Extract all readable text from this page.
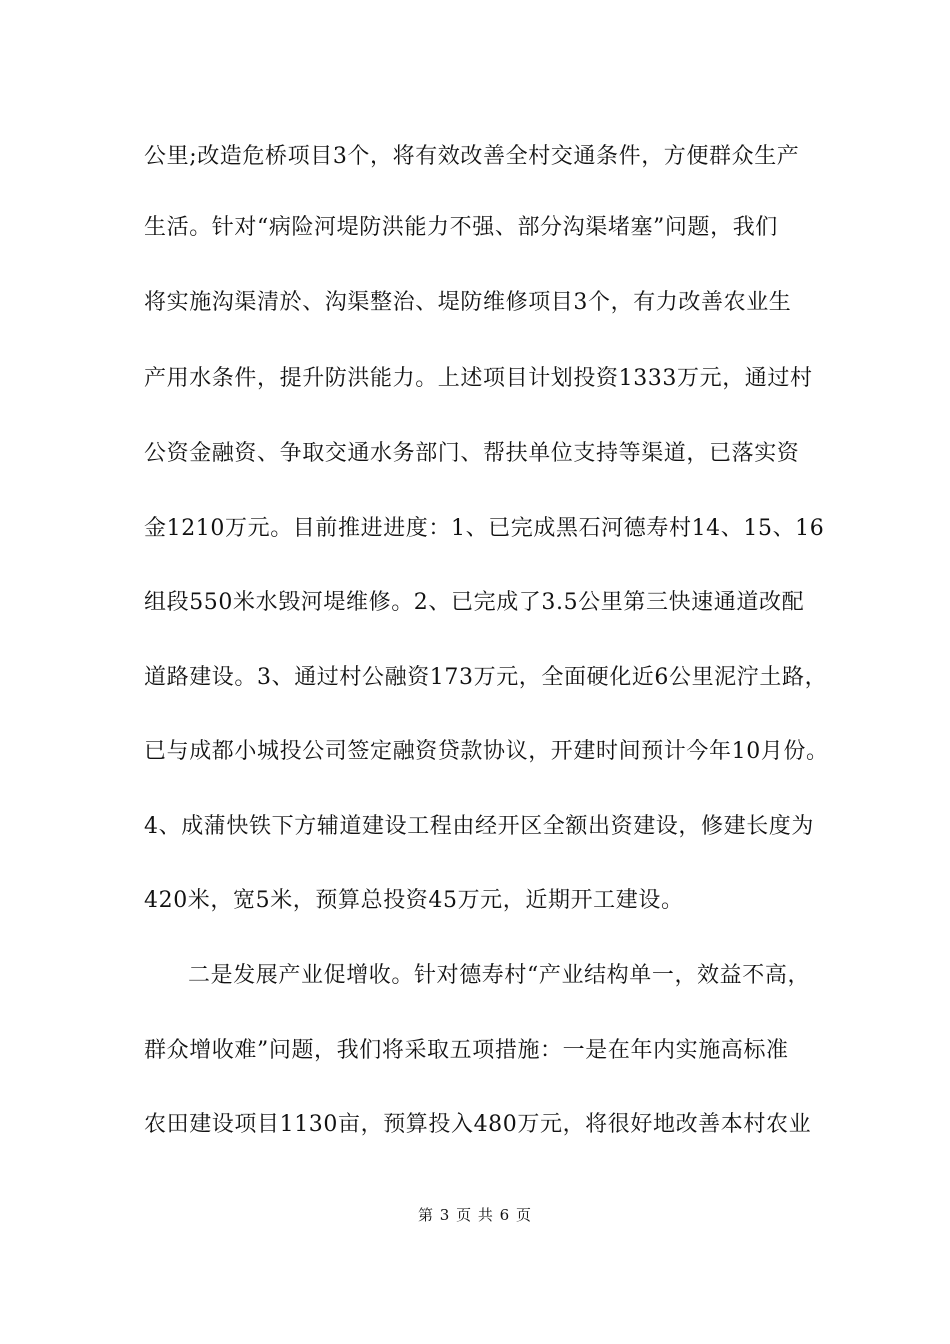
公里;改造危桥项目3个，将有效改善全村交通条件，方便群众生产
生活。针对“病险河堤防洪能力不强、部分沟渠堵塞”问题，我们
将实施沟渠清於、沟渠整治、堤防维修项目3个，有力改善农业生
产用水条件，提升防洪能力。上述项目计划投资1333万元，通过村
公资金融资、争取交通水务部门、帮扶单位支持等渠道，已落实资
金1210万元。目前推进进度：1、已完成黑石河德寿村14、15、16
组段550米水毁河堤维修。2、已完成了3.5公里第三快速通道改配
道路建设。3、通过村公融资173万元，全面硬化近6公里泥泞土路，
已与成都小城投公司签定融资贷款协议，开建时间预计今年10月份。
4、成蒲快铁下方辅道建设工程由经开区全额出资建设，修建长度为
420米，宽5米，预算总投资45万元，近期开工建设。
二是发展产业促增收。针对德寿村“产业结构单一，效益不高，
群众增收难”问题，我们将采取五项措施：一是在年内实施高标准
农田建设项目1130亩，预算投入480万元，将很好地改善本村农业
第 3 页 共 6 页
